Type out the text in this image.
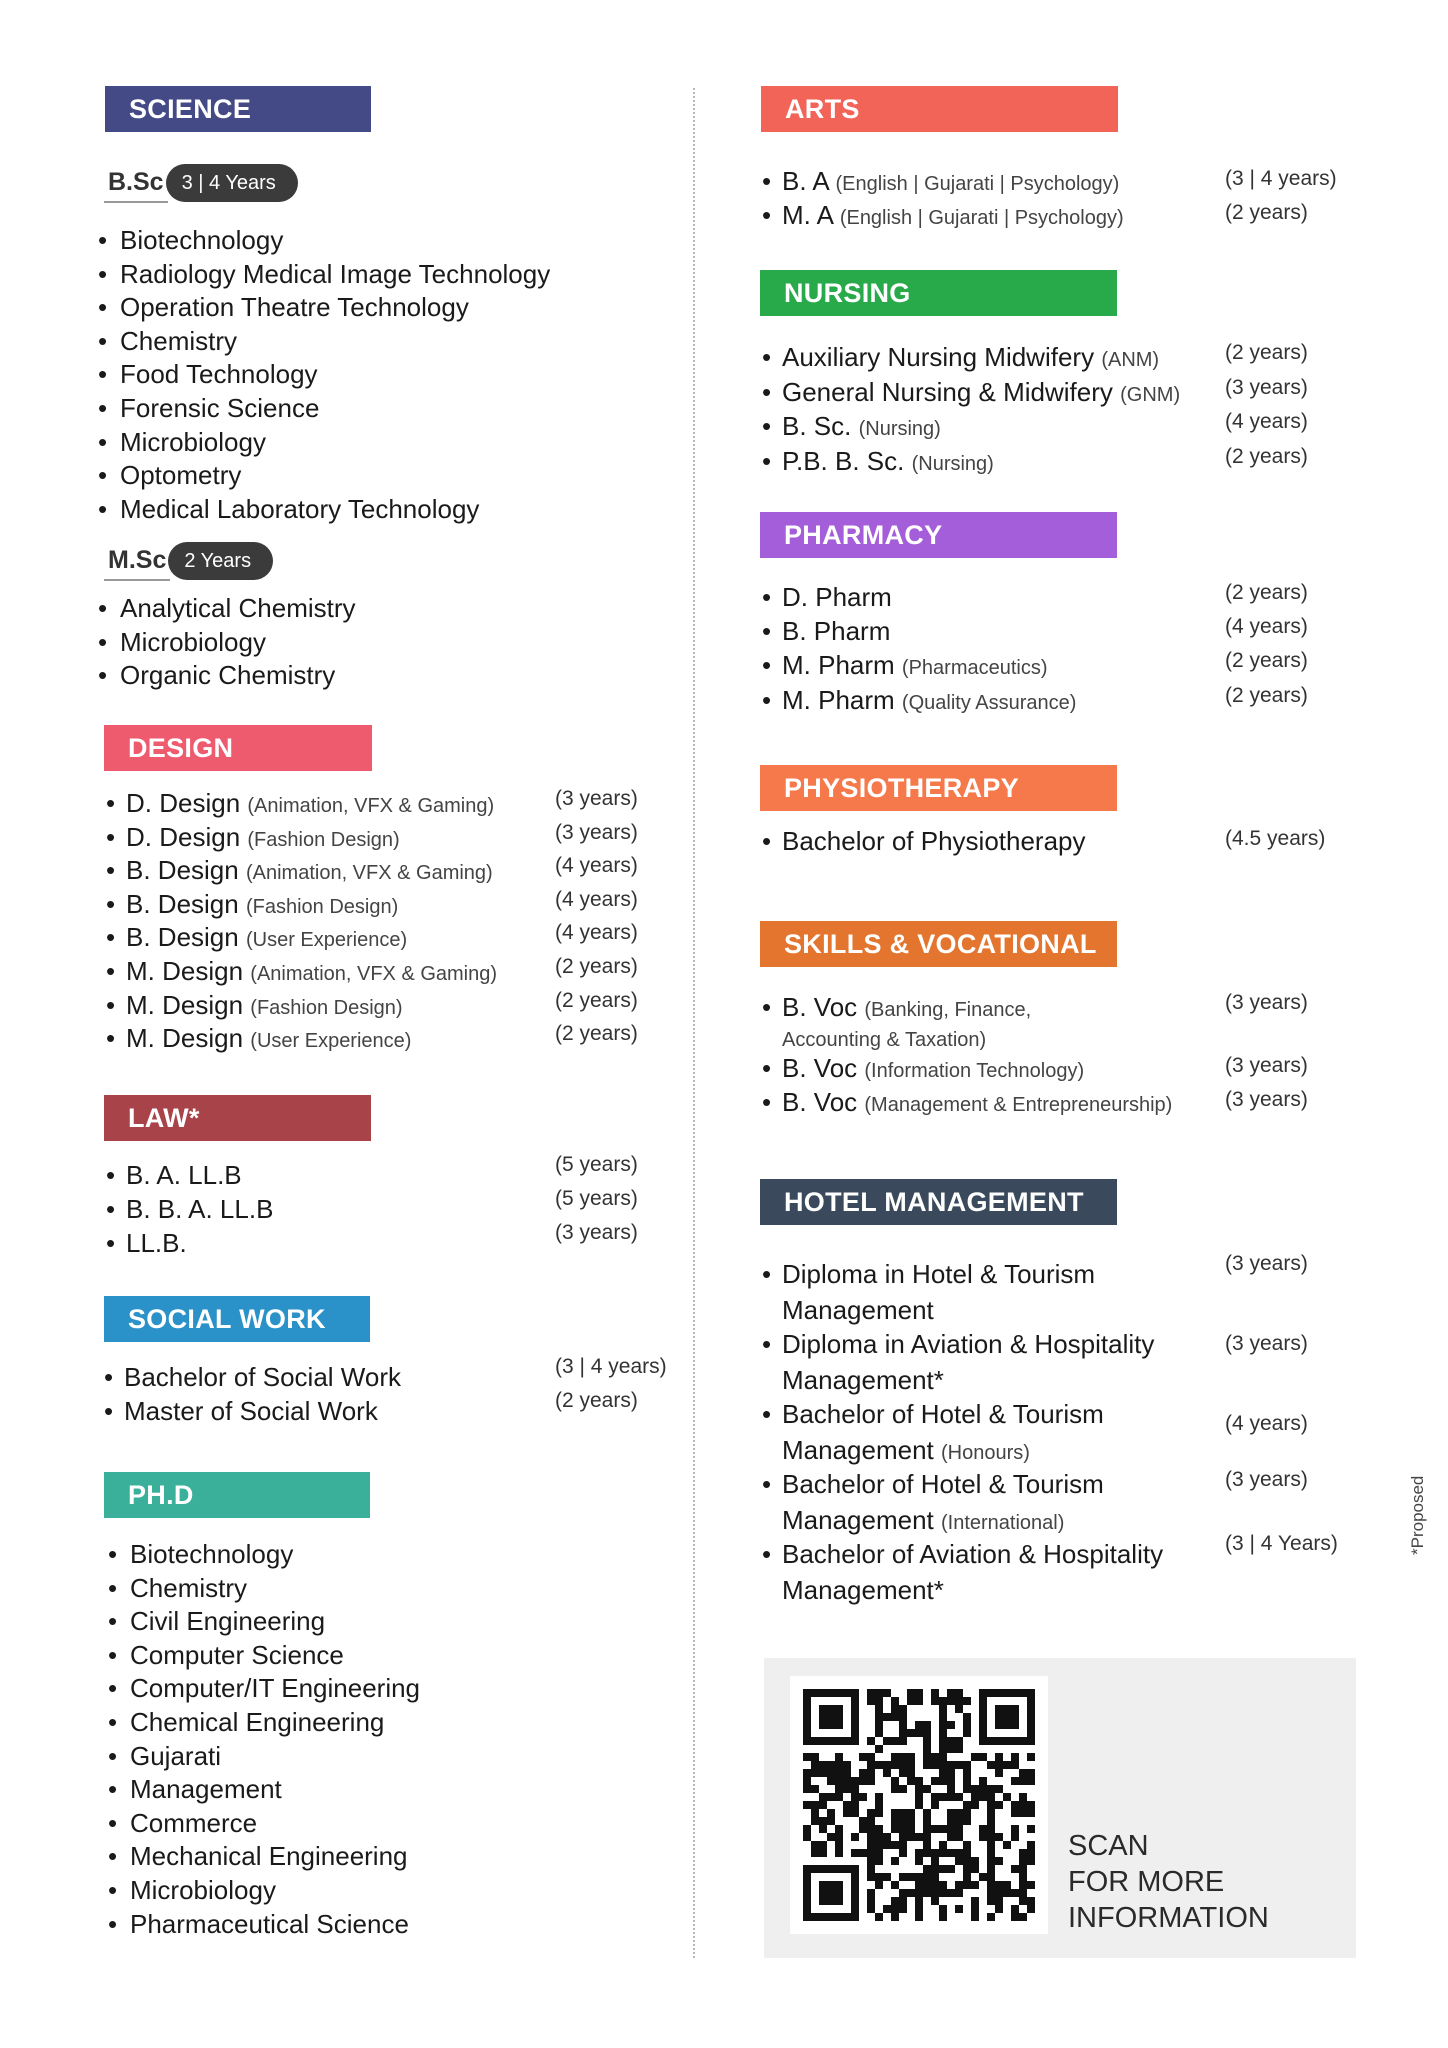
SCIENCE
B.Sc 3 | 4 Years
• Biotechnology
• Radiology Medical Image Technology
• Operation Theatre Technology
• Chemistry
• Food Technology
• Forensic Science
• Microbiology
• Optometry
• Medical Laboratory Technology
M.Sc 2 Years
• Analytical Chemistry
• Microbiology
• Organic Chemistry
DESIGN
• D. Design (Animation, VFX & Gaming)	(3 years)
• D. Design (Fashion Design)	(3 years)
• B. Design (Animation, VFX & Gaming)	(4 years)
• B. Design (Fashion Design)	(4 years)
• B. Design (User Experience)	(4 years)
• M. Design (Animation, VFX & Gaming)	(2 years)
• M. Design (Fashion Design)	(2 years)
• M. Design (User Experience)	(2 years)
LAW*
• B. A. LL.B	(5 years)
• B. B. A. LL.B	(5 years)
• LL.B.	(3 years)
SOCIAL WORK
• Bachelor of Social Work	(3 | 4 years)
• Master of Social Work	(2 years)
PH.D
• Biotechnology
• Chemistry
• Civil Engineering
• Computer Science
• Computer/IT Engineering
• Chemical Engineering
• Gujarati
• Management
• Commerce
• Mechanical Engineering
• Microbiology
• Pharmaceutical Science
ARTS
• B. A (English | Gujarati | Psychology)	(3 | 4 years)
• M. A (English | Gujarati | Psychology)	(2 years)
NURSING
• Auxiliary Nursing Midwifery (ANM)	(2 years)
• General Nursing & Midwifery (GNM) (3 years)
• B. Sc. (Nursing)	(4 years)
• P.B. B. Sc. (Nursing)	(2 years)
PHARMACY
• D. Pharm	(2 years)
• B. Pharm	(4 years)
• M. Pharm (Pharmaceutics)	(2 years)
• M. Pharm (Quality Assurance)	(2 years)
PHYSIOTHERAPY
• Bachelor of Physiotherapy	(4.5 years)
SKILLS & VOCATIONAL
• B. Voc (Banking, Finance,
Accounting & Taxation)
(3 years)
• B. Voc (Information Technology)	(3 years)
• B. Voc (Management & Entrepreneurship)	(3 years)
HOTEL MANAGEMENT
• Diploma in Hotel & Tourism
Management
(3 years)
• Diploma in Aviation & Hospitality
Management*
(3 years)
• Bachelor of Hotel & Tourism
Management (Honours)
(4 years)
• Bachelor of Hotel & Tourism
Management (International)
(3 years)
• Bachelor of Aviation & Hospitality
Management*
(3 | 4 Years)
SCAN
FOR MORE
INFORMATION
*Proposed
